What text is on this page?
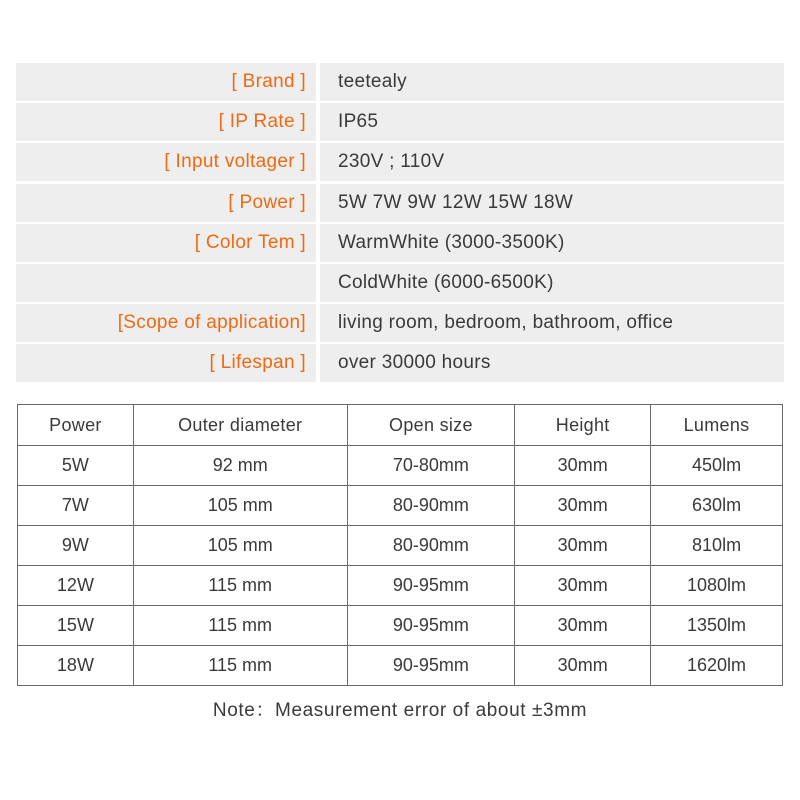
[ Brand ]	teetealy
[ IP Rate ]	IP65
[ Input voltager ]	230V ; 110V
[ Power ]	5W 7W 9W 12W 15W 18W
[ Color Tem ]	WarmWhite (3000-3500K)
ColdWhite (6000-6500K)
[Scope of application]	living room, bedroom, bathroom, office
[ Lifespan ]	over 30000 hours
Power	Outer diameter	Open size	Height	Lumens
5W	92 mm	70-80mm	30mm	450lm
7W	105 mm	80-90mm	30mm	630lm
9W	105 mm	80-90mm	30mm	810lm
12W	115 mm	90-95mm	30mm	1080lm
15W	115 mm	90-95mm	30mm	1350lm
18W	115 mm	90-95mm	30mm	1620lm
Note：Measurement error of about ±3mm
